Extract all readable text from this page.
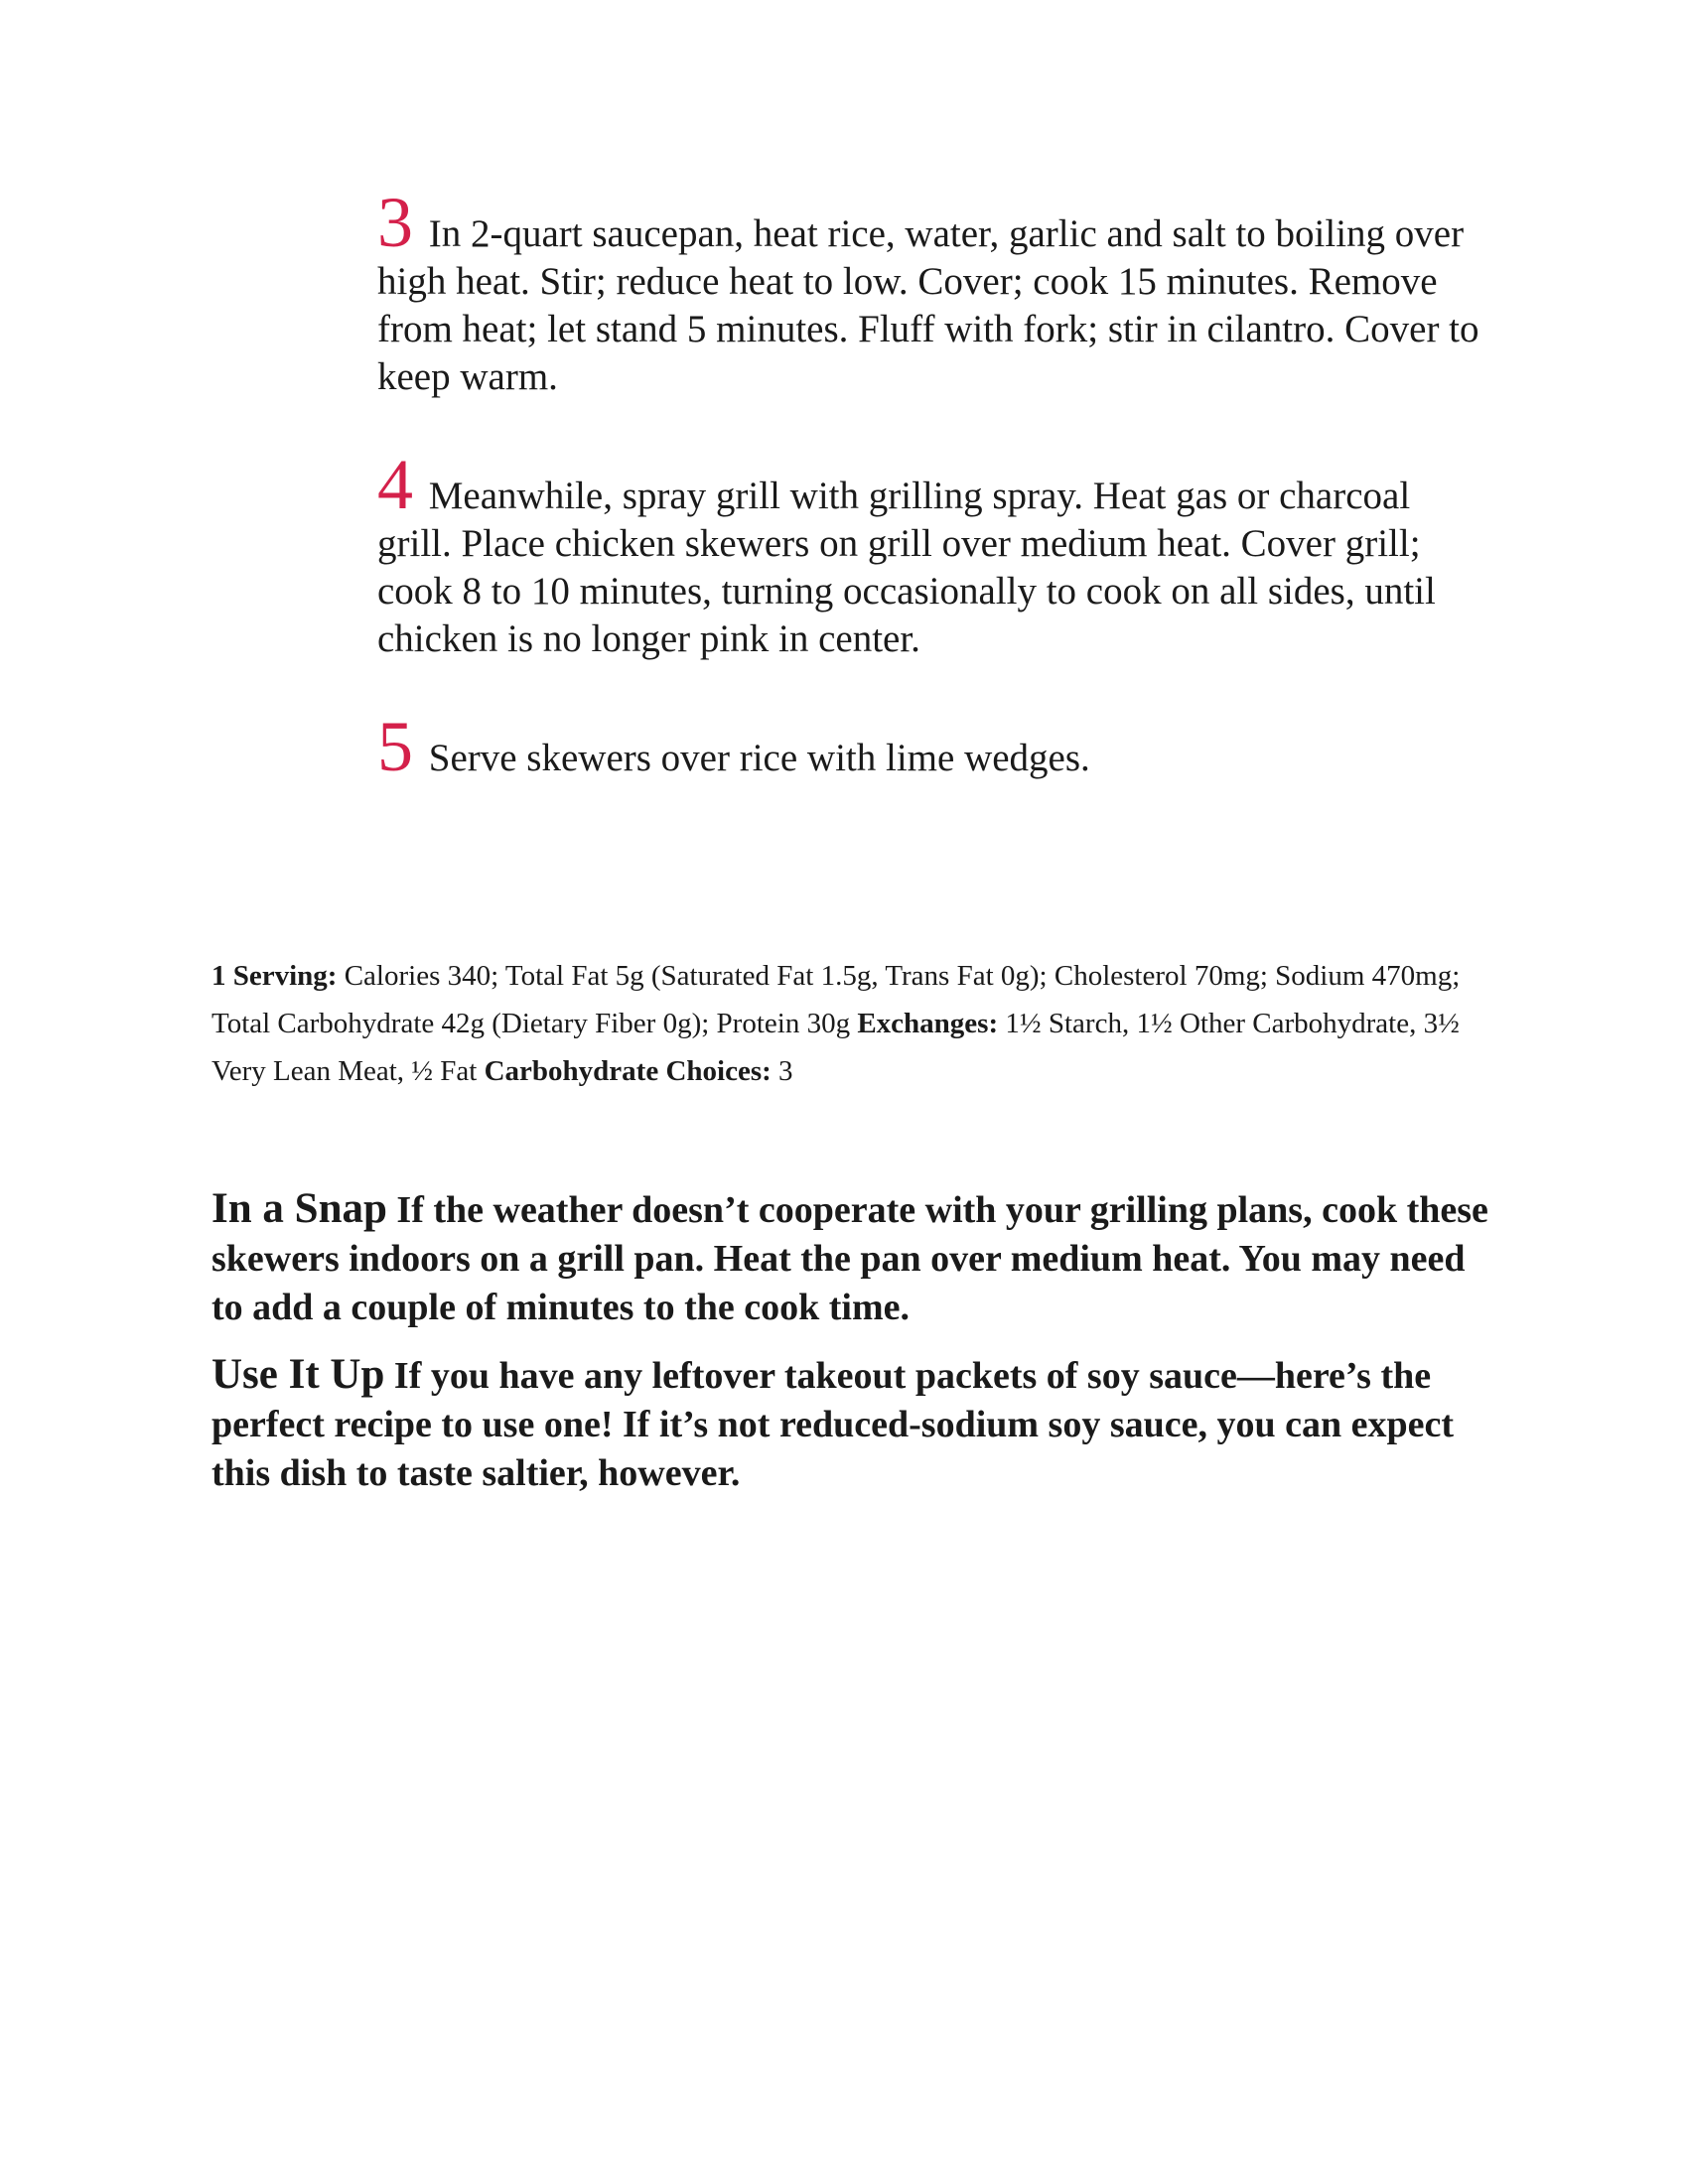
3 In 2-quart saucepan, heat rice, water, garlic and salt to boiling over high heat. Stir; reduce heat to low. Cover; cook 15 minutes. Remove from heat; let stand 5 minutes. Fluff with fork; stir in cilantro. Cover to keep warm.

4 Meanwhile, spray grill with grilling spray. Heat gas or charcoal grill. Place chicken skewers on grill over medium heat. Cover grill; cook 8 to 10 minutes, turning occasionally to cook on all sides, until chicken is no longer pink in center.

5 Serve skewers over rice with lime wedges.

1 Serving: Calories 340; Total Fat 5g (Saturated Fat 1.5g, Trans Fat 0g); Cholesterol 70mg; Sodium 470mg; Total Carbohydrate 42g (Dietary Fiber 0g); Protein 30g Exchanges: 1½ Starch, 1½ Other Carbohydrate, 3½ Very Lean Meat, ½ Fat Carbohydrate Choices: 3

In a Snap If the weather doesn’t cooperate with your grilling plans, cook these skewers indoors on a grill pan. Heat the pan over medium heat. You may need to add a couple of minutes to the cook time.

Use It Up If you have any leftover takeout packets of soy sauce—here’s the perfect recipe to use one! If it’s not reduced-sodium soy sauce, you can expect this dish to taste saltier, however.
